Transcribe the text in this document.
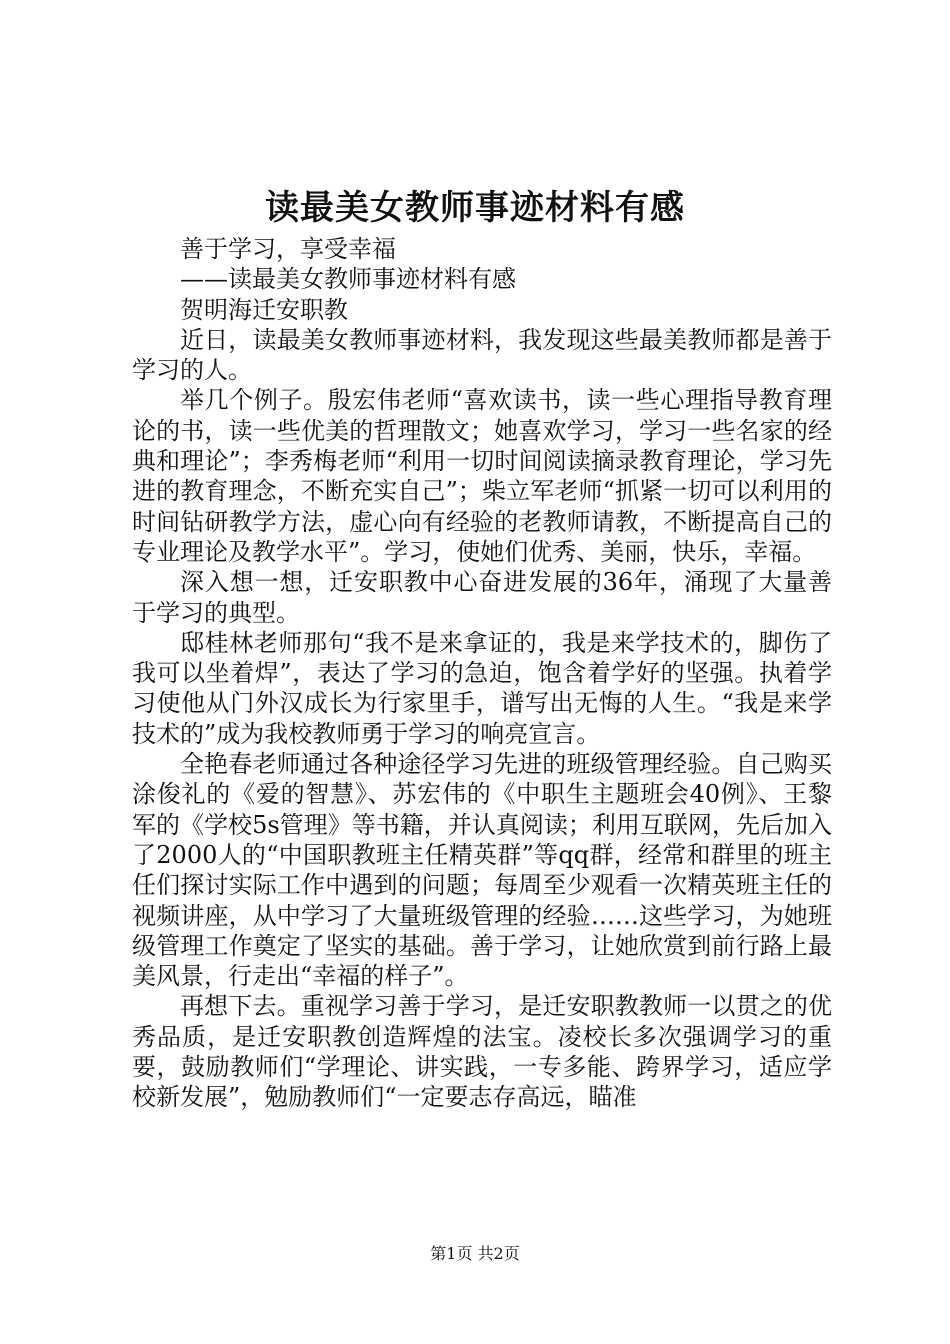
读最美女教师事迹材料有感

善于学习，享受幸福

——读最美女教师事迹材料有感

贺明海迁安职教

近日，读最美女教师事迹材料，我发现这些最美教师都是善于学习的人。

举几个例子。殷宏伟老师“喜欢读书，读一些心理指导教育理论的书，读一些优美的哲理散文；她喜欢学习，学习一些名家的经典和理论”；李秀梅老师“利用一切时间阅读摘录教育理论，学习先进的教育理念，不断充实自己”；柴立军老师“抓紧一切可以利用的时间钻研教学方法，虚心向有经验的老教师请教，不断提高自己的专业理论及教学水平”。学习，使她们优秀、美丽，快乐，幸福。

深入想一想，迁安职教中心奋进发展的36年，涌现了大量善于学习的典型。

邸桂林老师那句“我不是来拿证的，我是来学技术的，脚伤了我可以坐着焊”，表达了学习的急迫，饱含着学好的坚强。执着学习使他从门外汉成长为行家里手，谱写出无悔的人生。“我是来学技术的”成为我校教师勇于学习的响亮宣言。

全艳春老师通过各种途径学习先进的班级管理经验。自己购买涂俊礼的《爱的智慧》、苏宏伟的《中职生主题班会40例》、王黎军的《学校5s管理》等书籍，并认真阅读；利用互联网，先后加入了2000人的“中国职教班主任精英群”等qq群，经常和群里的班主任们探讨实际工作中遇到的问题；每周至少观看一次精英班主任的视频讲座，从中学习了大量班级管理的经验……这些学习，为她班级管理工作奠定了坚实的基础。善于学习，让她欣赏到前行路上最美风景，行走出“幸福的样子”。

再想下去。重视学习善于学习，是迁安职教教师一以贯之的优秀品质，是迁安职教创造辉煌的法宝。凌校长多次强调学习的重要，鼓励教师们“学理论、讲实践，一专多能、跨界学习，适应学校新发展”，勉励教师们“一定要志存高远，瞄准

第1页 共2页
